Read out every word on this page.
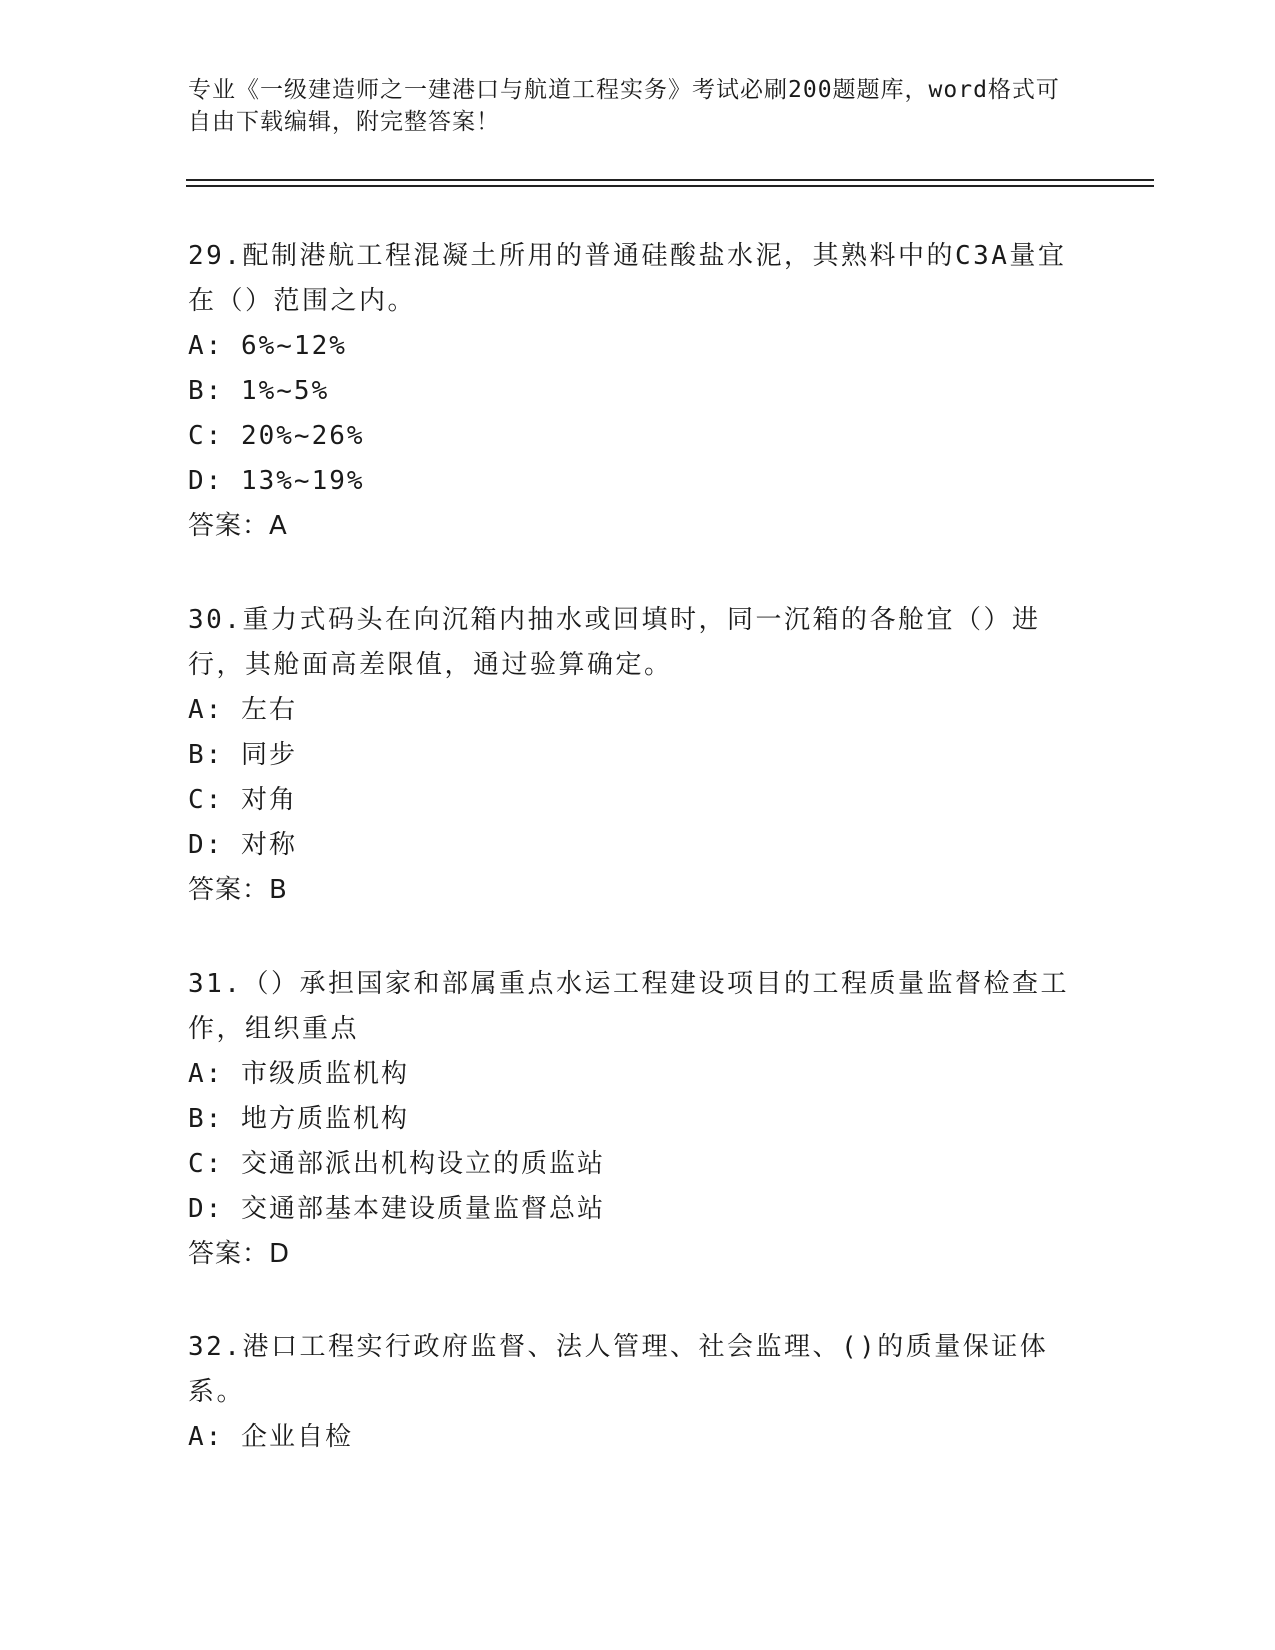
专业《一级建造师之一建港口与航道工程实务》考试必刷200题题库，word格式可自由下载编辑，附完整答案！

29.配制港航工程混凝土所用的普通硅酸盐水泥，其熟料中的C3A量宜在（）范围之内。

A: 6%~12%

B: 1%~5%

C: 20%~26%

D: 13%~19%

答案：A

30.重力式码头在向沉箱内抽水或回填时，同一沉箱的各舱宜（）进行，其舱面高差限值，通过验算确定。

A: 左右

B: 同步

C: 对角

D: 对称

答案：B

31.（）承担国家和部属重点水运工程建设项目的工程质量监督检查工作，组织重点

A: 市级质监机构

B: 地方质监机构

C: 交通部派出机构设立的质监站

D: 交通部基本建设质量监督总站

答案：D

32.港口工程实行政府监督、法人管理、社会监理、()的质量保证体系。

A: 企业自检
